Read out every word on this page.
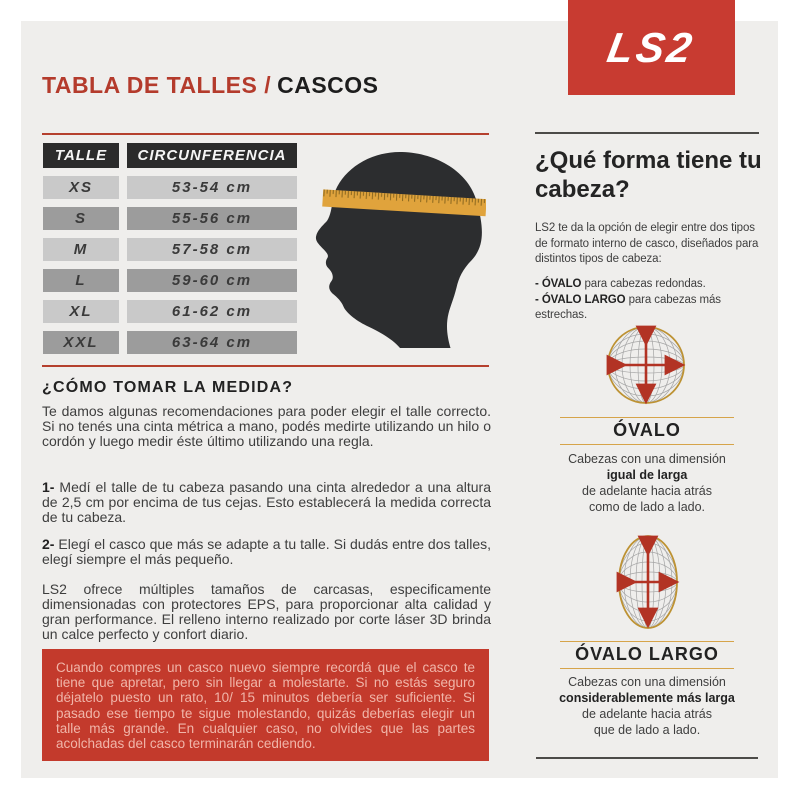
LS2
TABLA DE TALLES / CASCOS
TALLE	CIRCUNFERENCIA
XS	53-54 cm
S	55-56 cm
M	57-58 cm
L	59-60 cm
XL	61-62 cm
XXL	63-64 cm
¿CÓMO TOMAR LA MEDIDA?

Te damos algunas recomendaciones para poder elegir el talle correcto. Si no tenés una cinta métrica a mano, podés medirte utilizando un hilo o cordón y luego medir éste último utilizando una regla.

1- Medí el talle de tu cabeza pasando una cinta alrededor a una altura de 2,5 cm por encima de tus cejas. Esto establecerá la medida correcta de tu cabeza.

2- Elegí el casco que más se adapte a tu talle. Si dudás entre dos talles, elegí siempre el más pequeño.

LS2 ofrece múltiples tamaños de carcasas, especificamente dimensionadas con protectores EPS, para proporcionar alta calidad y gran performance. El relleno interno realizado por corte láser 3D brinda un calce perfecto y confort diario.

Cuando compres un casco nuevo siempre recordá que el casco te tiene que apretar, pero sin llegar a molestarte. Si no estás seguro déjatelo puesto un rato, 10/ 15 minutos debería ser suficiente. Si pasado ese tiempo te sigue molestando, quizás deberías elegir un talle más grande. En cualquier caso, no olvides que las partes acolchadas del casco terminarán cediendo.

¿Qué forma tiene tu cabeza?

LS2 te da la opción de elegir entre dos tipos de formato interno de casco, diseñados para distintos tipos de cabeza:

- ÓVALO para cabezas redondas.
- ÓVALO LARGO para cabezas más estrechas.
ÓVALO
Cabezas con una dimensión
igual de larga
de adelante hacia atrás
como de lado a lado.
ÓVALO LARGO
Cabezas con una dimensión
considerablemente más larga
de adelante hacia atrás
que de lado a lado.
